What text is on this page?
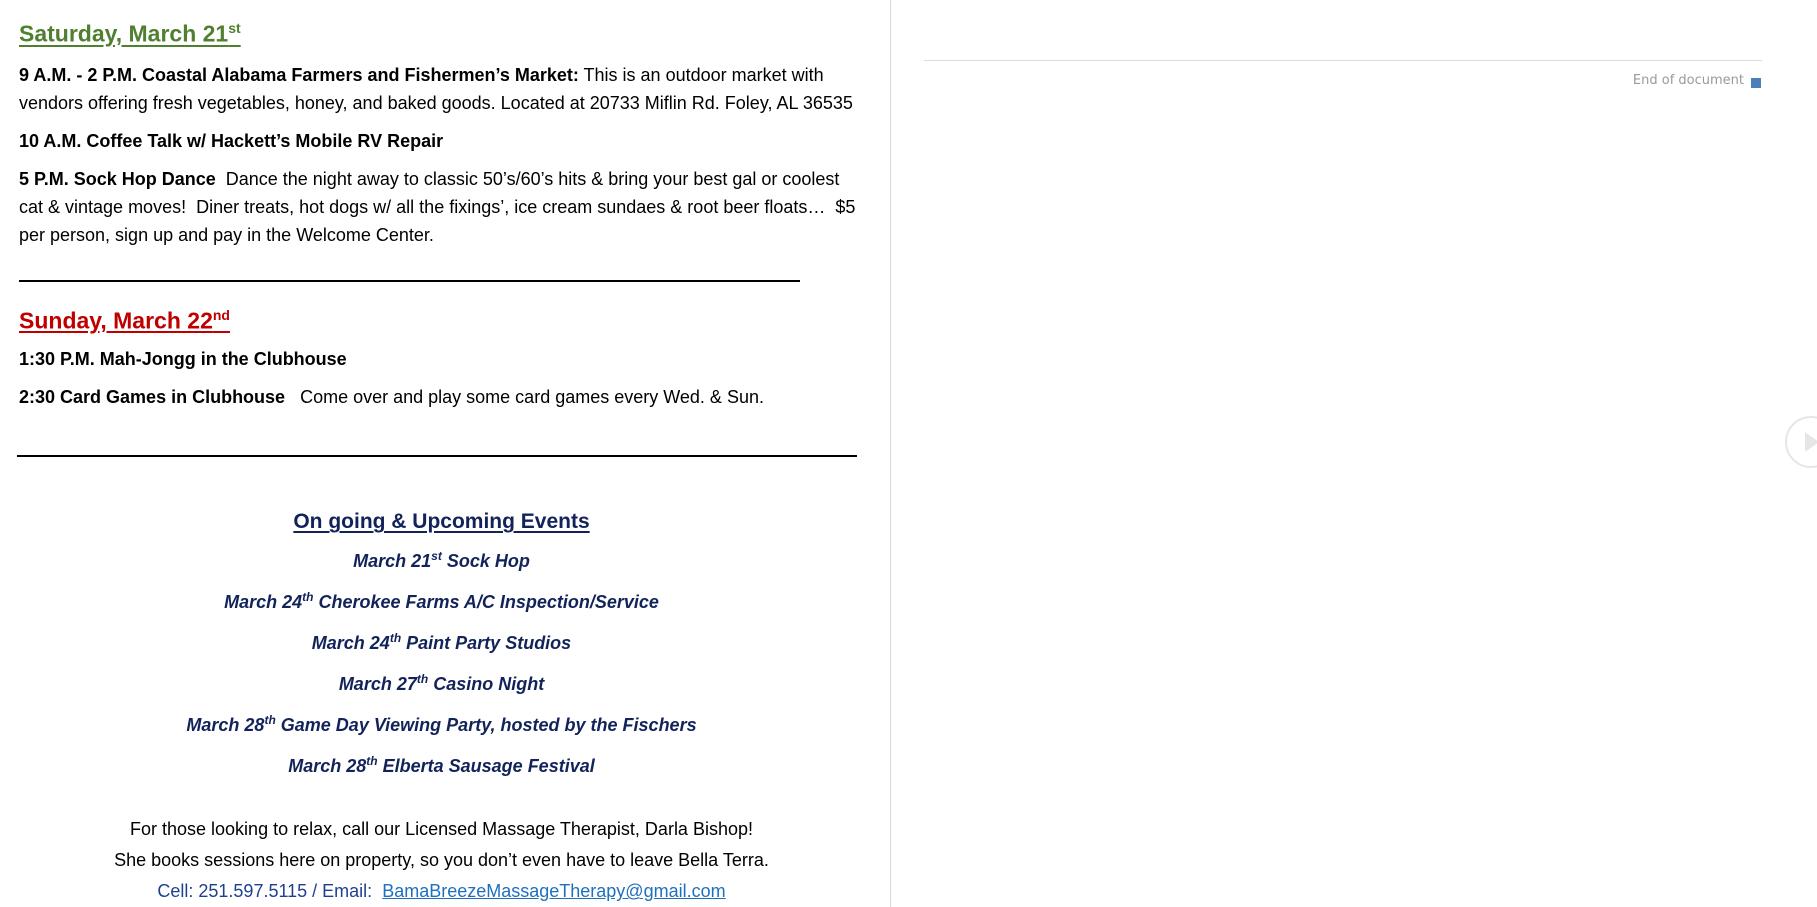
Saturday, March 21st

9 A.M. - 2 P.M. Coastal Alabama Farmers and Fishermen’s Market: This is an outdoor market with vendors offering fresh vegetables, honey, and baked goods. Located at 20733 Miflin Rd. Foley, AL 36535

10 A.M. Coffee Talk w/ Hackett’s Mobile RV Repair

5 P.M. Sock Hop Dance  Dance the night away to classic 50’s/60’s hits & bring your best gal or coolest cat & vintage moves!  Diner treats, hot dogs w/ all the fixings’, ice cream sundaes & root beer floats…  $5 per person, sign up and pay in the Welcome Center.

Sunday, March 22nd

1:30 P.M. Mah-Jongg in the Clubhouse

2:30 Card Games in Clubhouse   Come over and play some card games every Wed. & Sun.

On going & Upcoming Events
March 21st Sock Hop
March 24th Cherokee Farms A/C Inspection/Service
March 24th Paint Party Studios
March 27th Casino Night
March 28th Game Day Viewing Party, hosted by the Fischers
March 28th Elberta Sausage Festival
For those looking to relax, call our Licensed Massage Therapist, Darla Bishop!
She books sessions here on property, so you don’t even have to leave Bella Terra.
Cell: 251.597.5115 / Email:  BamaBreezeMassageTherapy@gmail.com
End of document
